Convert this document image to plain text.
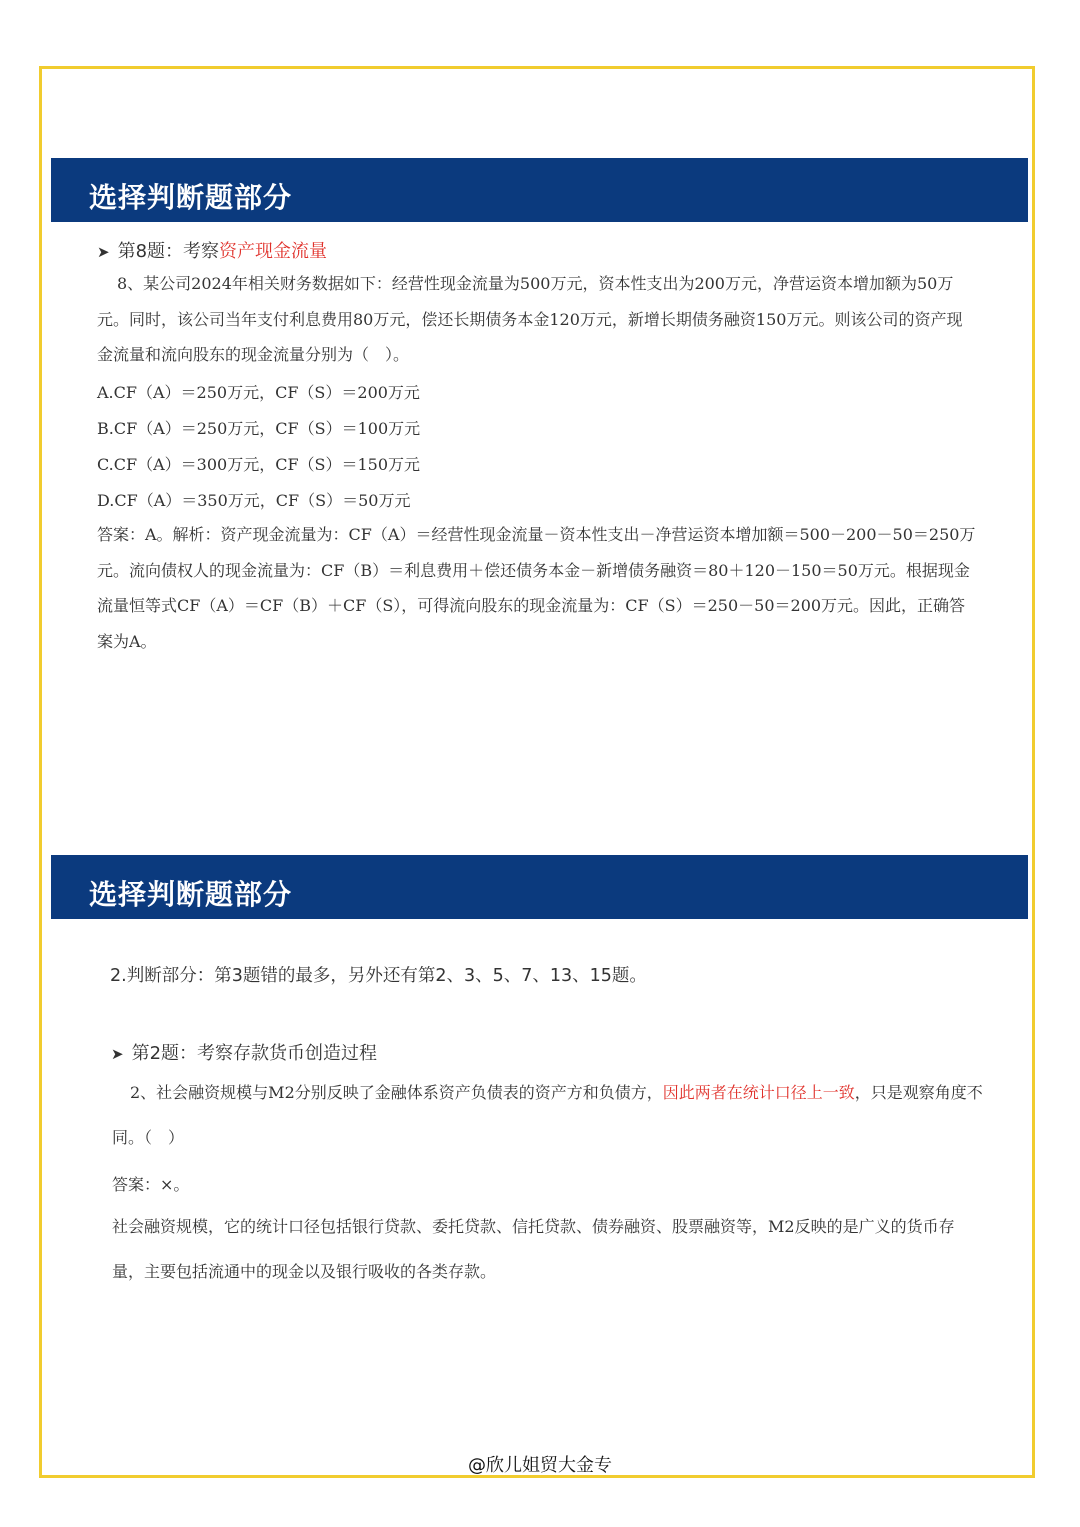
选择判断题部分
➤ 第8题：考察资产现金流量
8、某公司2024年相关财务数据如下：经营性现金流量为500万元，资本性支出为200万元，净营运资本增加额为50万元。同时，该公司当年支付利息费用80万元，偿还长期债务本金120万元，新增长期债务融资150万元。则该公司的资产现金流量和流向股东的现金流量分别为（　）。
A.CF（A）＝250万元，CF（S）＝200万元
B.CF（A）＝250万元，CF（S）＝100万元
C.CF（A）＝300万元，CF（S）＝150万元
D.CF（A）＝350万元，CF（S）＝50万元
答案：A。解析：资产现金流量为：CF（A）＝经营性现金流量－资本性支出－净营运资本增加额＝500－200－50＝250万元。流向债权人的现金流量为：CF（B）＝利息费用＋偿还债务本金－新增债务融资＝80＋120－150＝50万元。根据现金流量恒等式CF（A）＝CF（B）＋CF（S），可得流向股东的现金流量为：CF（S）＝250－50＝200万元。因此，正确答案为A。
选择判断题部分
2.判断部分：第3题错的最多，另外还有第2、3、5、7、13、15题。
➤ 第2题：考察存款货币创造过程
2、社会融资规模与M2分别反映了金融体系资产负债表的资产方和负债方，因此两者在统计口径上一致，只是观察角度不同。（　）
答案：×。
社会融资规模，它的统计口径包括银行贷款、委托贷款、信托贷款、债券融资、股票融资等，M2反映的是广义的货币存量，主要包括流通中的现金以及银行吸收的各类存款。
@欣儿姐贸大金专
